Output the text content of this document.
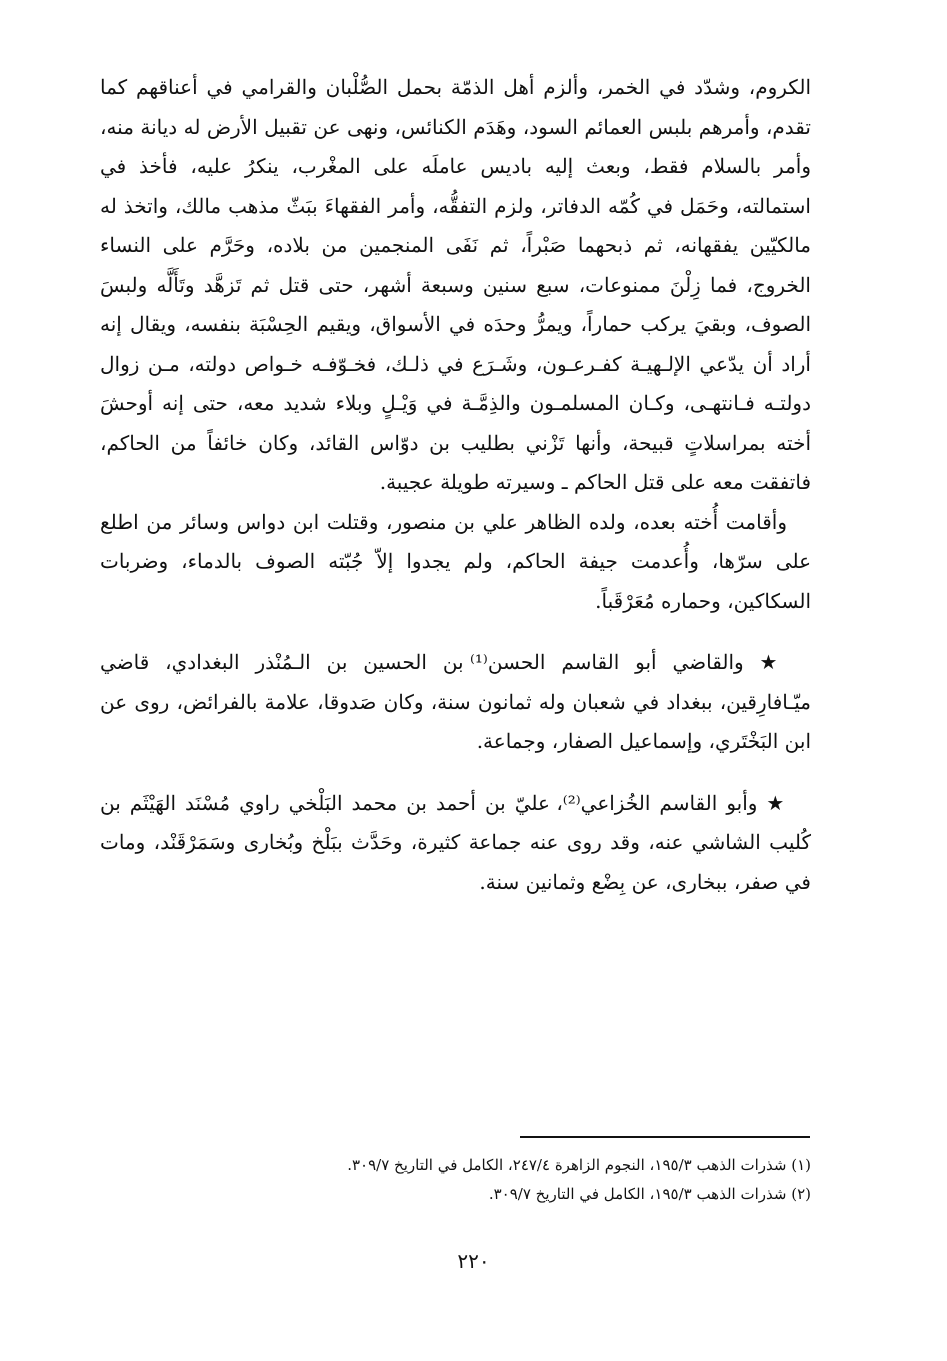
الكروم، وشدّد في الخمر، وألزم أهل الذمّة بحمل الصُّلْبان والقرامي في أعناقهم كما تقدم، وأمرهم بلبس العمائم السود، وهَدَم الكنائس، ونهى عن تقبيل الأرض له ديانة منه، وأمر بالسلام فقط، وبعث إليه باديس عاملَه على المغْرب، ينكرُ عليه، فأخذ في استمالته، وحَمَل في كُمّه الدفاتر، ولزم التفقُّه، وأمر الفقهاءَ ببَثّ مذهب مالك، واتخذ له مالكيّين يفقهانه، ثم ذبحهما صَبْراً، ثم نَفَى المنجمين من بلاده، وحَرَّم على النساء الخروج، فما زِلْنَ ممنوعات، سبع سنين وسبعة أشهر، حتى قتل ثم تَزهَّد وتَأَلَّه ولبسَ الصوف، وبقيَ يركب حماراً، ويمرُّ وحدَه في الأسواق، ويقيم الحِسْبَة بنفسه، ويقال إنه أراد أن يدّعي الإلـهيـة كفـرعـون، وشَـرَع في ذلـك، فخـوّفـه خـواص دولته، مـن زوال دولتـه فـانتهـى، وكـان المسلمـون والذِمَّـة في وَيْـلٍ وبلاء شديد معه، حتى إنه أوحشَ أخته بمراسلاتٍ قبيحة، وأنها تَزْني بطليب بن دوّاس القائد، وكان خائفاً من الحاكم، فاتفقت معه على قتل الحاكم ـ وسيرته طويلة عجيبة.

وأقامت أُخته بعده، ولده الظاهر علي بن منصور، وقتلت ابن دواس وسائر من اطلع على سرّها، وأُعدمت جيفة الحاكم، ولم يجدوا إلاّ جُبّته الصوف بالدماء، وضربات السكاكين، وحماره مُعَرْقَباً.

★ والقاضي أبو القاسم الحسن⁽¹⁾ بن الحسين بن الـمُنْذر البغدادي، قاضي ميّـافارِقين، ببغداد في شعبان وله ثمانون سنة، وكان صَدوقا، علامة بالفرائض، روى عن ابن البَخْتَري، وإسماعيل الصفار، وجماعة.

★ وأبو القاسم الخُزاعي⁽²⁾، عليّ بن أحمد بن محمد البَلْخي راوي مُسْنَد الهَيْثَم بن كُليب الشاشي عنه، وقد روى عنه جماعة كثيرة، وحَدَّث ببَلْخ وبُخارى وسَمَرْقَنْد، ومات في صفر، ببخارى، عن بِضْع وثمانين سنة.

(١) شذرات الذهب ١٩٥/٣، النجوم الزاهرة ٢٤٧/٤، الكامل في التاريخ ٣٠٩/٧.

(٢) شذرات الذهب ١٩٥/٣، الكامل في التاريخ ٣٠٩/٧.

٢٢٠
